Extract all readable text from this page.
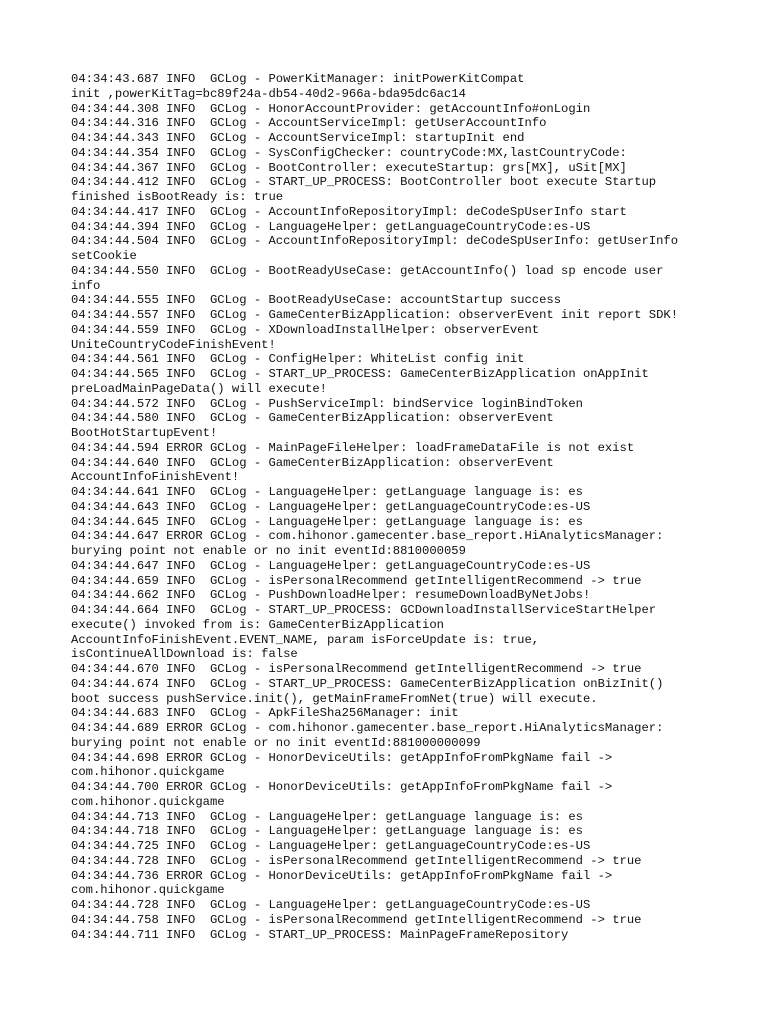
04:34:43.687 INFO  GCLog - PowerKitManager: initPowerKitCompat
init ,powerKitTag=bc89f24a-db54-40d2-966a-bda95dc6ac14
04:34:44.308 INFO  GCLog - HonorAccountProvider: getAccountInfo#onLogin
04:34:44.316 INFO  GCLog - AccountServiceImpl: getUserAccountInfo
04:34:44.343 INFO  GCLog - AccountServiceImpl: startupInit end
04:34:44.354 INFO  GCLog - SysConfigChecker: countryCode:MX,lastCountryCode:
04:34:44.367 INFO  GCLog - BootController: executeStartup: grs[MX], uSit[MX]
04:34:44.412 INFO  GCLog - START_UP_PROCESS: BootController boot execute Startup
finished isBootReady is: true
04:34:44.417 INFO  GCLog - AccountInfoRepositoryImpl: deCodeSpUserInfo start
04:34:44.394 INFO  GCLog - LanguageHelper: getLanguageCountryCode:es-US
04:34:44.504 INFO  GCLog - AccountInfoRepositoryImpl: deCodeSpUserInfo: getUserInfo
setCookie
04:34:44.550 INFO  GCLog - BootReadyUseCase: getAccountInfo() load sp encode user
info
04:34:44.555 INFO  GCLog - BootReadyUseCase: accountStartup success
04:34:44.557 INFO  GCLog - GameCenterBizApplication: observerEvent init report SDK!
04:34:44.559 INFO  GCLog - XDownloadInstallHelper: observerEvent
UniteCountryCodeFinishEvent!
04:34:44.561 INFO  GCLog - ConfigHelper: WhiteList config init
04:34:44.565 INFO  GCLog - START_UP_PROCESS: GameCenterBizApplication onAppInit
preLoadMainPageData() will execute!
04:34:44.572 INFO  GCLog - PushServiceImpl: bindService loginBindToken
04:34:44.580 INFO  GCLog - GameCenterBizApplication: observerEvent
BootHotStartupEvent!
04:34:44.594 ERROR GCLog - MainPageFileHelper: loadFrameDataFile is not exist
04:34:44.640 INFO  GCLog - GameCenterBizApplication: observerEvent
AccountInfoFinishEvent!
04:34:44.641 INFO  GCLog - LanguageHelper: getLanguage language is: es
04:34:44.643 INFO  GCLog - LanguageHelper: getLanguageCountryCode:es-US
04:34:44.645 INFO  GCLog - LanguageHelper: getLanguage language is: es
04:34:44.647 ERROR GCLog - com.hihonor.gamecenter.base_report.HiAnalyticsManager:
burying point not enable or no init eventId:8810000059
04:34:44.647 INFO  GCLog - LanguageHelper: getLanguageCountryCode:es-US
04:34:44.659 INFO  GCLog - isPersonalRecommend getIntelligentRecommend -> true
04:34:44.662 INFO  GCLog - PushDownloadHelper: resumeDownloadByNetJobs!
04:34:44.664 INFO  GCLog - START_UP_PROCESS: GCDownloadInstallServiceStartHelper
execute() invoked from is: GameCenterBizApplication
AccountInfoFinishEvent.EVENT_NAME, param isForceUpdate is: true,
isContinueAllDownload is: false
04:34:44.670 INFO  GCLog - isPersonalRecommend getIntelligentRecommend -> true
04:34:44.674 INFO  GCLog - START_UP_PROCESS: GameCenterBizApplication onBizInit()
boot success pushService.init(), getMainFrameFromNet(true) will execute.
04:34:44.683 INFO  GCLog - ApkFileSha256Manager: init
04:34:44.689 ERROR GCLog - com.hihonor.gamecenter.base_report.HiAnalyticsManager:
burying point not enable or no init eventId:881000000099
04:34:44.698 ERROR GCLog - HonorDeviceUtils: getAppInfoFromPkgName fail ->
com.hihonor.quickgame
04:34:44.700 ERROR GCLog - HonorDeviceUtils: getAppInfoFromPkgName fail ->
com.hihonor.quickgame
04:34:44.713 INFO  GCLog - LanguageHelper: getLanguage language is: es
04:34:44.718 INFO  GCLog - LanguageHelper: getLanguage language is: es
04:34:44.725 INFO  GCLog - LanguageHelper: getLanguageCountryCode:es-US
04:34:44.728 INFO  GCLog - isPersonalRecommend getIntelligentRecommend -> true
04:34:44.736 ERROR GCLog - HonorDeviceUtils: getAppInfoFromPkgName fail ->
com.hihonor.quickgame
04:34:44.728 INFO  GCLog - LanguageHelper: getLanguageCountryCode:es-US
04:34:44.758 INFO  GCLog - isPersonalRecommend getIntelligentRecommend -> true
04:34:44.711 INFO  GCLog - START_UP_PROCESS: MainPageFrameRepository
